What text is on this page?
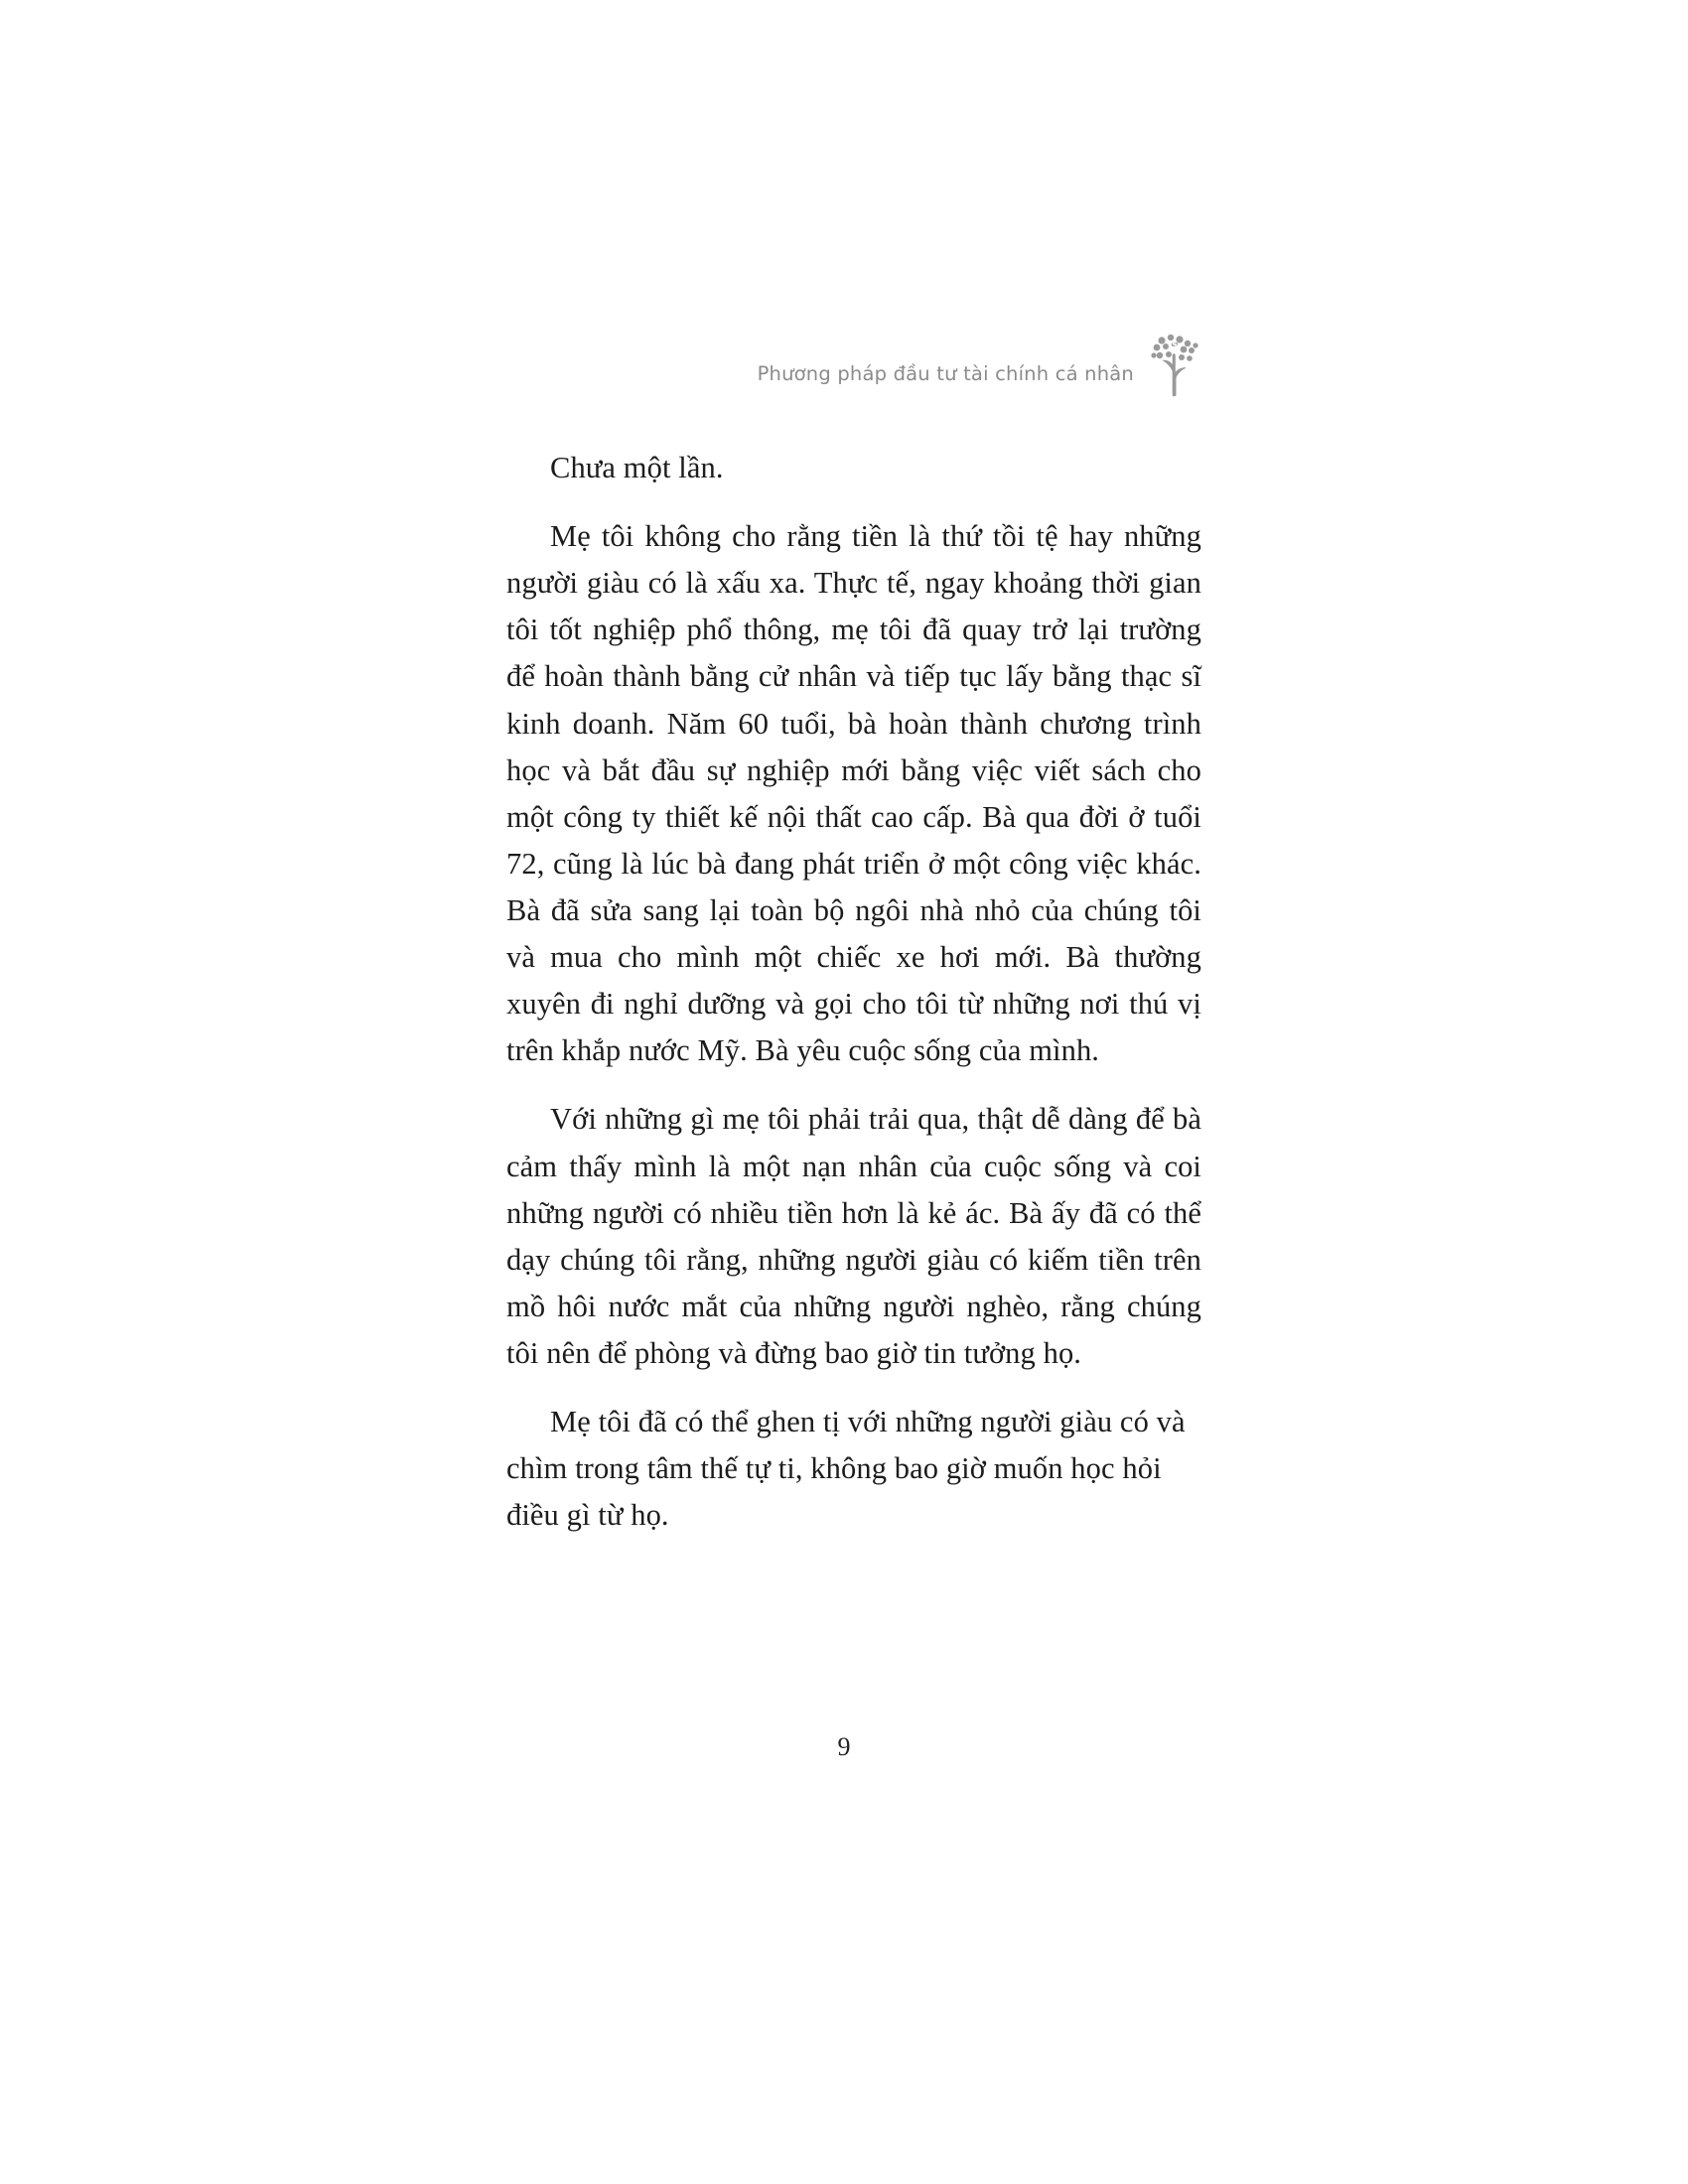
Phương pháp đầu tư tài chính cá nhân
$

Chưa một lần.

Mẹ tôi không cho rằng tiền là thứ tồi tệ hay những người giàu có là xấu xa. Thực tế, ngay khoảng thời gian tôi tốt nghiệp phổ thông, mẹ tôi đã quay trở lại trường để hoàn thành bằng cử nhân và tiếp tục lấy bằng thạc sĩ kinh doanh. Năm 60 tuổi, bà hoàn thành chương trình học và bắt đầu sự nghiệp mới bằng việc viết sách cho một công ty thiết kế nội thất cao cấp. Bà qua đời ở tuổi 72, cũng là lúc bà đang phát triển ở một công việc khác. Bà đã sửa sang lại toàn bộ ngôi nhà nhỏ của chúng tôi và mua cho mình một chiếc xe hơi mới. Bà thường xuyên đi nghỉ dưỡng và gọi cho tôi từ những nơi thú vị trên khắp nước Mỹ. Bà yêu cuộc sống của mình.

Với những gì mẹ tôi phải trải qua, thật dễ dàng để bà cảm thấy mình là một nạn nhân của cuộc sống và coi những người có nhiều tiền hơn là kẻ ác. Bà ấy đã có thể dạy chúng tôi rằng, những người giàu có kiếm tiền trên mồ hôi nước mắt của những người nghèo, rằng chúng tôi nên để phòng và đừng bao giờ tin tưởng họ.

Mẹ tôi đã có thể ghen tị với những người giàu có và chìm trong tâm thế tự ti, không bao giờ muốn học hỏi điều gì từ họ.

9
